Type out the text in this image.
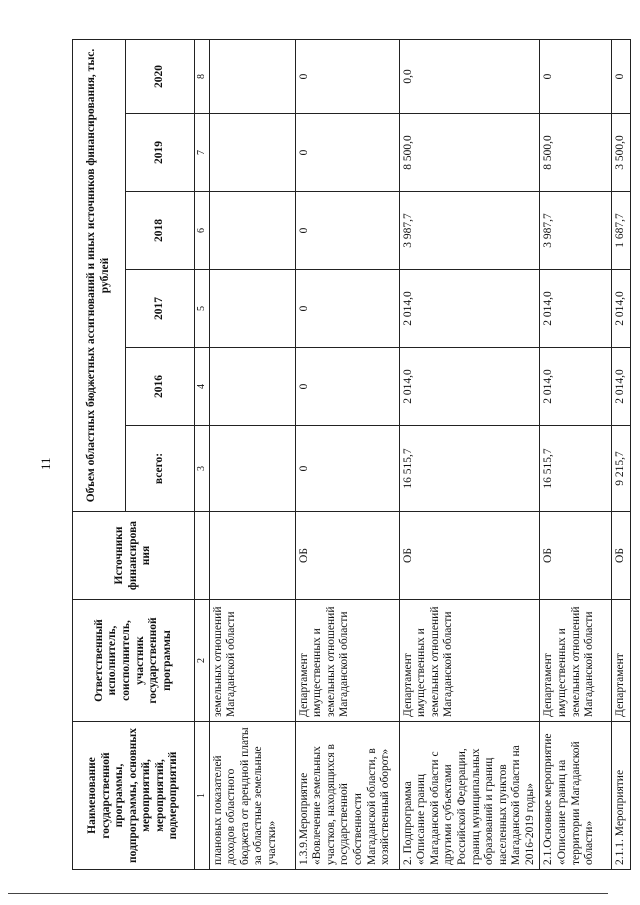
11
Наименование государственной программы, подпрограммы, основных мероприятий, мероприятий, подмероприятий	Ответственный исполнитель, соисполнитель, участник государственной программы	Источники финансирова ния	Объем областных бюджетных ассигнований и иных источников финансирования, тыс. рублей					
			всего:	2016	2017	2018	2019	2020
1	2		3	4	5	6	7	8
плановых показателей доходов областного бюджета от арендной платы за областные земельные участки»	земельных отношений Магаданской области							
1.3.9.Мероприятие «Вовлечение земельных участков, находящихся в государственной собственности Магаданской области, в хозяйственный оборот»	Департамент имущественных и земельных отношений Магаданской области	ОБ	0	0	0	0	0	0
2. Подпрограмма «Описание границ Магаданской области с другими субъектами Российской Федерации, границ муниципальных образований и границ населенных пунктов Магаданской области на 2016-2019 годы»	Департамент имущественных и земельных отношений Магаданской области	ОБ	16 515,7	2 014,0	2 014,0	3 987,7	8 500,0	0,0
2.1.Основное мероприятие «Описание границ на территории Магаданской области»	Департамент имущественных и земельных отношений Магаданской области	ОБ	16 515,7	2 014,0	2 014,0	3 987,7	8 500,0	0
2.1.1. Мероприятие	Департамент	ОБ	9 215,7	2 014,0	2 014,0	1 687,7	3 500,0	0
